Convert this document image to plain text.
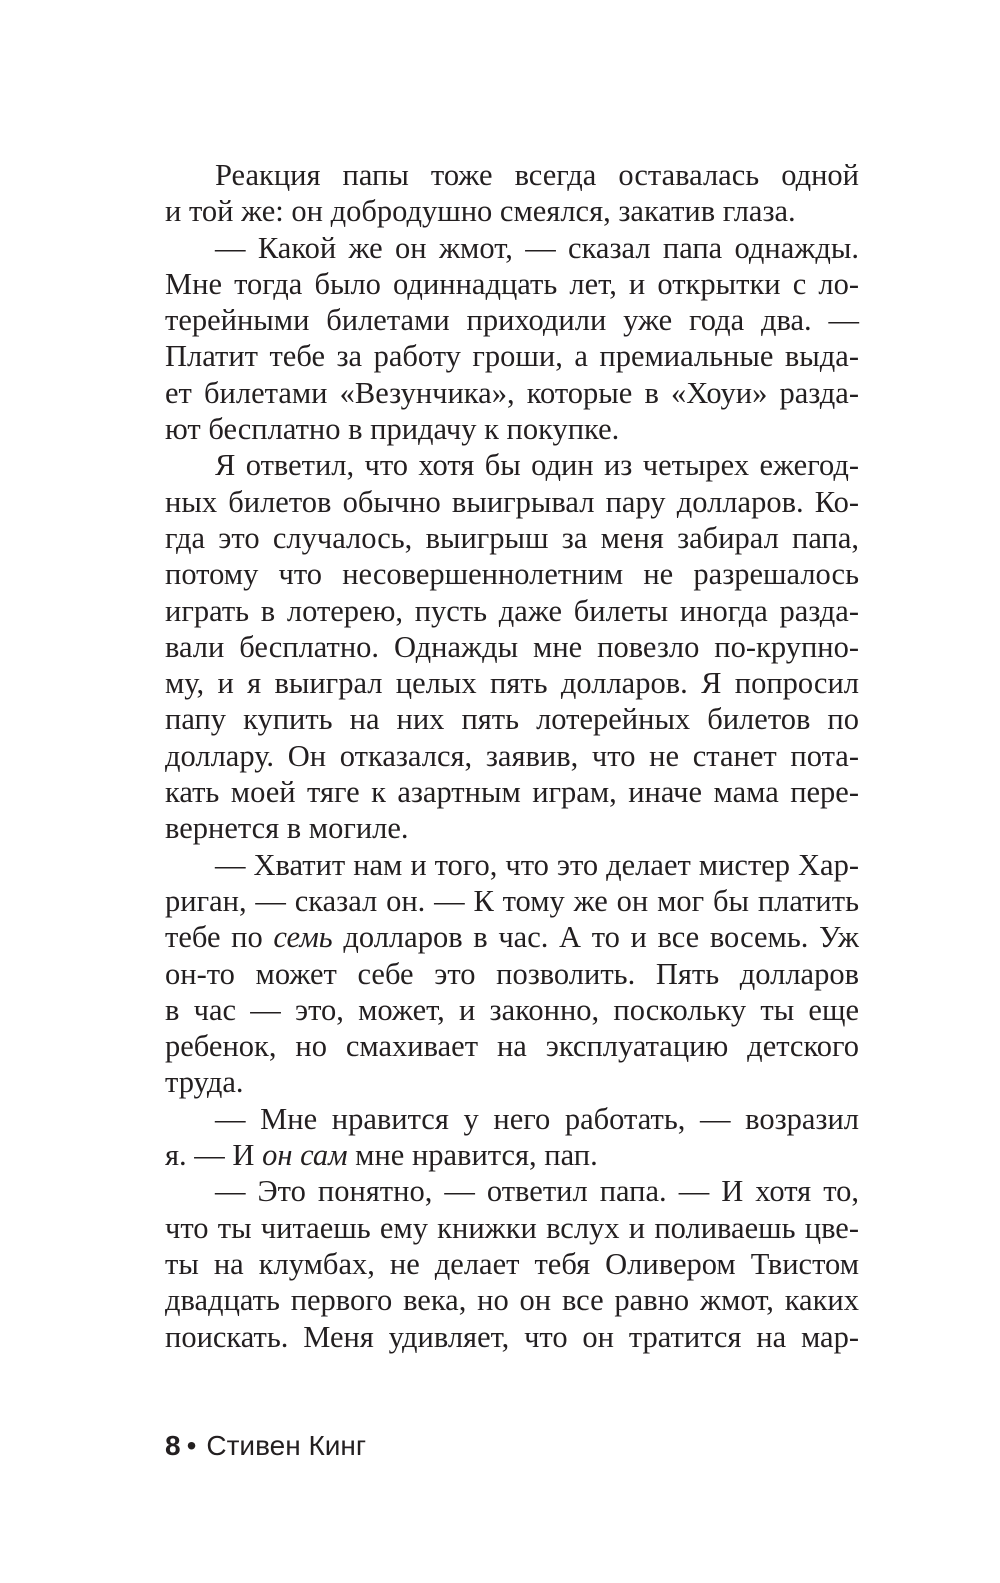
Реакция папы тоже всегда оставалась одной
и той же: он добродушно смеялся, закатив глаза.
— Какой же он жмот, — сказал папа однажды.
Мне тогда было одиннадцать лет, и открытки с ло-
терейными билетами приходили уже года два. —
Платит тебе за работу гроши, а премиальные выда-
ет билетами «Везунчика», которые в «Хоуи» разда-
ют бесплатно в придачу к покупке.
Я ответил, что хотя бы один из четырех ежегод-
ных билетов обычно выигрывал пару долларов. Ко-
гда это случалось, выигрыш за меня забирал папа,
потому что несовершеннолетним не разрешалось
играть в лотерею, пусть даже билеты иногда разда-
вали бесплатно. Однажды мне повезло по-крупно-
му, и я выиграл целых пять долларов. Я попросил
папу купить на них пять лотерейных билетов по
доллару. Он отказался, заявив, что не станет пота-
кать моей тяге к азартным играм, иначе мама пере-
вернется в могиле.
— Хватит нам и того, что это делает мистер Хар-
риган, — сказал он. — К тому же он мог бы платить
тебе по семь долларов в час. А то и все восемь. Уж
он-то может себе это позволить. Пять долларов
в час — это, может, и законно, поскольку ты еще
ребенок, но смахивает на эксплуатацию детского
труда.
— Мне нравится у него работать, — возразил
я. — И он сам мне нравится, пап.
— Это понятно, — ответил папа. — И хотя то,
что ты читаешь ему книжки вслух и поливаешь цве-
ты на клумбах, не делает тебя Оливером Твистом
двадцать первого века, но он все равно жмот, каких
поискать. Меня удивляет, что он тратится на мар-
8 • Стивен Кинг
